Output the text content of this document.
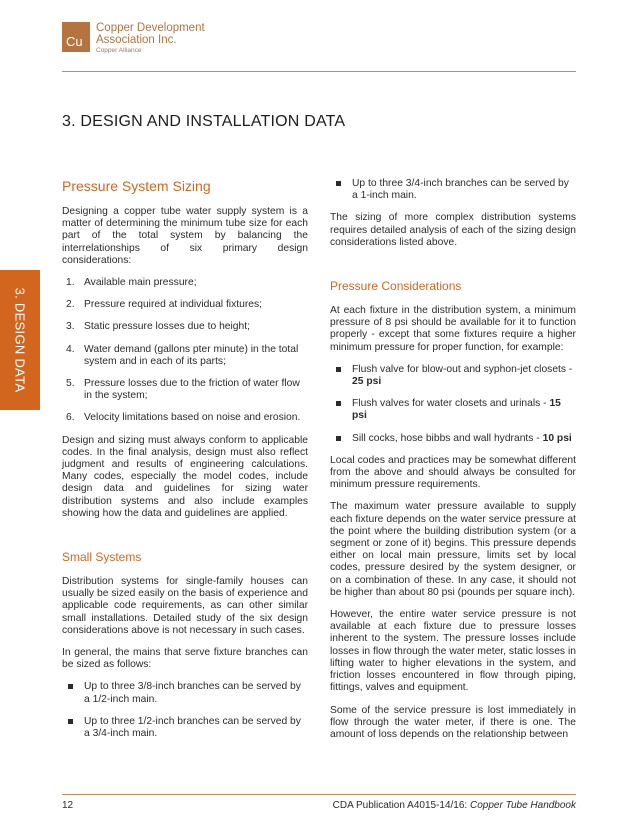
Cu
Copper Development
Association Inc.
Copper Alliance
3. DESIGN AND INSTALLATION DATA
3. DESIGN DATA
Pressure System Sizing

Designing a copper tube water supply system is a matter of determining the minimum tube size for each part of the total system by balancing the interrelationships of six primary design considerations:

1. Available main pressure;
2. Pressure required at individual fixtures;
3. Static pressure losses due to height;
4. Water demand (gallons pter minute) in the total system and in each of its parts;
5. Pressure losses due to the friction of water flow in the system;
6. Velocity limitations based on noise and erosion.

Design and sizing must always conform to applicable codes. In the final analysis, design must also reflect judgment and results of engineering calculations. Many codes, especially the model codes, include design data and guidelines for sizing water distribution systems and also include examples showing how the data and guidelines are applied.

Small Systems

Distribution systems for single-family houses can usually be sized easily on the basis of experience and applicable code requirements, as can other similar small installations. Detailed study of the six design considerations above is not necessary in such cases.

In general, the mains that serve fixture branches can be sized as follows:

Up to three 3/8-inch branches can be served by a 1/2-inch main.
Up to three 1/2-inch branches can be served by a 3/4-inch main.
Up to three 3/4-inch branches can be served by a 1-inch main.

The sizing of more complex distribution systems requires detailed analysis of each of the sizing design considerations listed above.

Pressure Considerations

At each fixture in the distribution system, a minimum pressure of 8 psi should be available for it to function properly - except that some fixtures require a higher minimum pressure for proper function, for example:

Flush valve for blow-out and syphon-jet closets - 25 psi
Flush valves for water closets and urinals - 15 psi
Sill cocks, hose bibbs and wall hydrants - 10 psi

Local codes and practices may be somewhat different from the above and should always be consulted for minimum pressure requirements.

The maximum water pressure available to supply each fixture depends on the water service pressure at the point where the building distribution system (or a segment or zone of it) begins. This pressure depends either on local main pressure, limits set by local codes, pressure desired by the system designer, or on a combination of these. In any case, it should not be higher than about 80 psi (pounds per square inch).

However, the entire water service pressure is not available at each fixture due to pressure losses inherent to the system. The pressure losses include losses in flow through the water meter, static losses in lifting water to higher elevations in the system, and friction losses encountered in flow through piping, fittings, valves and equipment.

Some of the service pressure is lost immediately in flow through the water meter, if there is one. The amount of loss depends on the relationship between

12	CDA Publication A4015-14/16: Copper Tube Handbook
